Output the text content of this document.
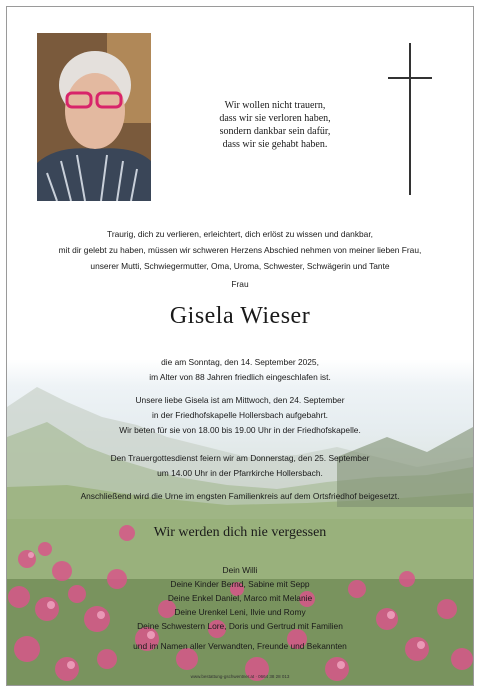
Wir wollen nicht trauern,
dass wir sie verloren haben,
sondern dankbar sein dafür,
dass wir sie gehabt haben.
Traurig, dich zu verlieren, erleichtert, dich erlöst zu wissen und dankbar,
mit dir gelebt zu haben, müssen wir schweren Herzens Abschied nehmen von meiner lieben Frau,
unserer Mutti, Schwiegermutter, Oma, Uroma, Schwester, Schwägerin und Tante
Frau
Gisela Wieser
die am Sonntag, den 14. September 2025,
im Alter von 88 Jahren friedlich eingeschlafen ist.
Unsere liebe Gisela ist am Mittwoch, den 24. September
in der Friedhofskapelle Hollersbach aufgebahrt.
Wir beten für sie von 18.00 bis 19.00 Uhr in der Friedhofskapelle.
Den Trauergottesdienst feiern wir am Donnerstag, den 25. September
um 14.00 Uhr in der Pfarrkirche Hollersbach.
Anschließend wird die Urne im engsten Familienkreis auf dem Ortsfriedhof beigesetzt.
Wir werden dich nie vergessen
Dein Willi
Deine Kinder Bernd, Sabine mit Sepp
Deine Enkel Daniel, Marco mit Melanie
Deine Urenkel Leni, Ilvie und Romy
Deine Schwestern Lore, Doris und Gertrud mit Familien
und im Namen aller Verwandten, Freunde und Bekannten
www.bestattung-gschwentner.at · 0664 38 28 013
